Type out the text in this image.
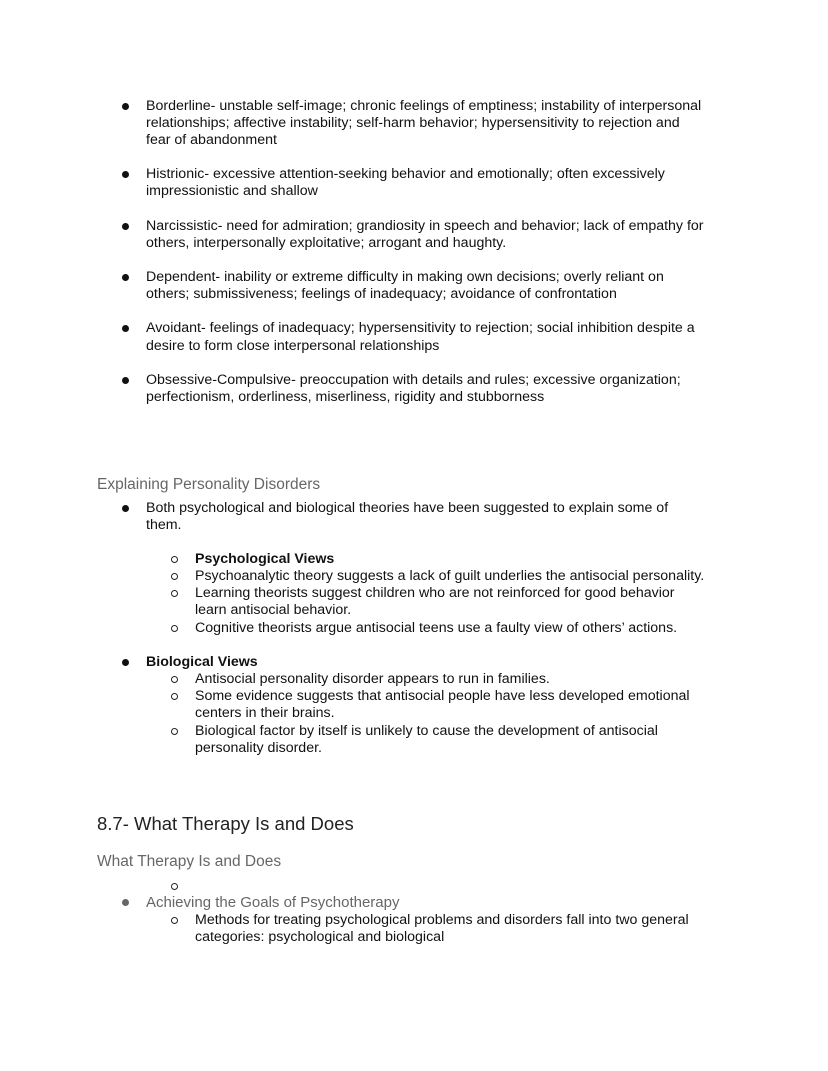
Borderline- unstable self-image; chronic feelings of emptiness; instability of interpersonal
relationships; affective instability; self-harm behavior; hypersensitivity to rejection and
fear of abandonment
Histrionic- excessive attention-seeking behavior and emotionally; often excessively
impressionistic and shallow
Narcissistic- need for admiration; grandiosity in speech and behavior; lack of empathy for
others, interpersonally exploitative; arrogant and haughty.
Dependent- inability or extreme difficulty in making own decisions; overly reliant on
others; submissiveness; feelings of inadequacy; avoidance of confrontation
Avoidant- feelings of inadequacy; hypersensitivity to rejection; social inhibition despite a
desire to form close interpersonal relationships
Obsessive-Compulsive- preoccupation with details and rules; excessive organization;
perfectionism, orderliness, miserliness, rigidity and stubborness
Explaining Personality Disorders
Both psychological and biological theories have been suggested to explain some of
them.
Psychological Views
Psychoanalytic theory suggests a lack of guilt underlies the antisocial personality.
Learning theorists suggest children who are not reinforced for good behavior
learn antisocial behavior.
Cognitive theorists argue antisocial teens use a faulty view of others’ actions.
Biological Views
Antisocial personality disorder appears to run in families.
Some evidence suggests that antisocial people have less developed emotional
centers in their brains.
Biological factor by itself is unlikely to cause the development of antisocial
personality disorder.
8.7- What Therapy Is and Does
What Therapy Is and Does
Achieving the Goals of Psychotherapy
Methods for treating psychological problems and disorders fall into two general
categories: psychological and biological
